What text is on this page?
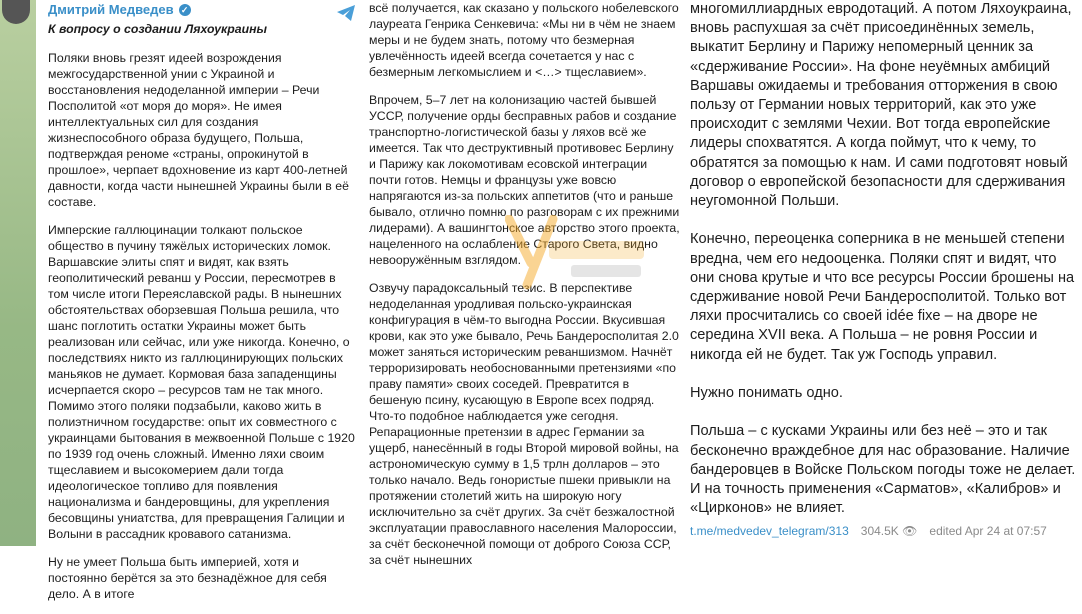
Дмитрий Медведев ✓
К вопросу о создании Ляхоукраины

Поляки вновь грезят идеей возрождения межгосударственной унии с Украиной и восстановления недоделанной империи – Речи Посполитой «от моря до моря». Не имея интеллектуальных сил для создания жизнеспособного образа будущего, Польша, подтверждая реноме «страны, опрокинутой в прошлое», черпает вдохновение из карт 400-летней давности, когда части нынешней Украины были в её составе.

Имперские галлюцинации толкают польское общество в пучину тяжёлых исторических ломок. Варшавские элиты спят и видят, как взять геополитический реванш у России, пересмотрев в том числе итоги Переяславской рады. В нынешних обстоятельствах оборзевшая Польша решила, что шанс поглотить остатки Украины может быть реализован или сейчас, или уже никогда. Конечно, о последствиях никто из галлюцинирующих польских маньяков не думает. Кормовая база западенщины исчерпается скоро – ресурсов там не так много. Помимо этого поляки подзабыли, каково жить в полиэтничном государстве: опыт их совместного с украинцами бытования в межвоенной Польше с 1920 по 1939 год очень сложный. Именно ляхи своим тщеславием и высокомерием дали тогда идеологическое топливо для появления национализма и бандеровщины, для укрепления бесовщины униатства, для превращения Галиции и Волыни в рассадник кровавого сатанизма.

Ну не умеет Польша быть империей, хотя и постоянно берётся за это безнадёжное для себя дело. А в итоге

всё получается, как сказано у польского нобелевского лауреата Генрика Сенкевича: «Мы ни в чём не знаем меры и не будем знать, потому что безмерная увлечённость идеей всегда сочетается у нас с безмерным легкомыслием и <…> тщеславием».

Впрочем, 5–7 лет на колонизацию частей бывшей УССР, получение орды бесправных рабов и создание транспортно-логистической базы у ляхов всё же имеется. Так что деструктивный противовес Берлину и Парижу как локомотивам есовской интеграции почти готов. Немцы и французы уже вовсю напрягаются из-за польских аппетитов (что и раньше бывало, отлично помню по разговорам с их прежними лидерами). А вашингтонское авторство этого проекта, нацеленного на ослабление Старого Света, видно невооружённым взглядом.

Озвучу парадоксальный тезис. В перспективе недоделанная уродливая польско-украинская конфигурация в чём-то выгодна России. Вкусившая крови, как это уже бывало, Речь Бандеросполитая 2.0 может заняться историческим реваншизмом. Начнёт терроризировать необоснованными претензиями «по праву памяти» своих соседей. Превратится в бешеную псину, кусающую в Европе всех подряд. Что-то подобное наблюдается уже сегодня. Репарационные претензии в адрес Германии за ущерб, нанесённый в годы Второй мировой войны, на астрономическую сумму в 1,5 трлн долларов – это только начало. Ведь гонористые пшеки привыкли на протяжении столетий жить на широкую ногу исключительно за счёт других. За счёт безжалостной эксплуатации православного населения Малороссии, за счёт бесконечной помощи от доброго Союза ССР, за счёт нынешних

многомиллиардных евродотаций. А потом Ляхоукраина, вновь распухшая за счёт присоединённых земель, выкатит Берлину и Парижу непомерный ценник за «сдерживание России». На фоне неуёмных амбиций Варшавы ожидаемы и требования отторжения в свою пользу от Германии новых территорий, как это уже происходит с землями Чехии. Вот тогда европейские лидеры спохватятся. А когда поймут, что к чему, то обратятся за помощью к нам. И сами подготовят новый договор о европейской безопасности для сдерживания неугомонной Польши.

Конечно, переоценка соперника в не меньшей степени вредна, чем его недооценка. Поляки спят и видят, что они снова крутые и что все ресурсы России брошены на сдерживание новой Речи Бандеросполитой. Только вот ляхи просчитались со своей idée fixe – на дворе не середина XVII века. А Польша – не ровня России и никогда ей не будет. Так уж Господь управил.

Нужно понимать одно.

Польша – с кусками Украины или без неё – это и так бесконечно враждебное для нас образование. Наличие бандеровцев в Войске Польском погоды тоже не делает. И на точность применения «Сарматов», «Калибров» и «Цирконов» не влияет.

t.me/medvedev_telegram/313 304.5K 👁 edited Apr 24 at 07:57
